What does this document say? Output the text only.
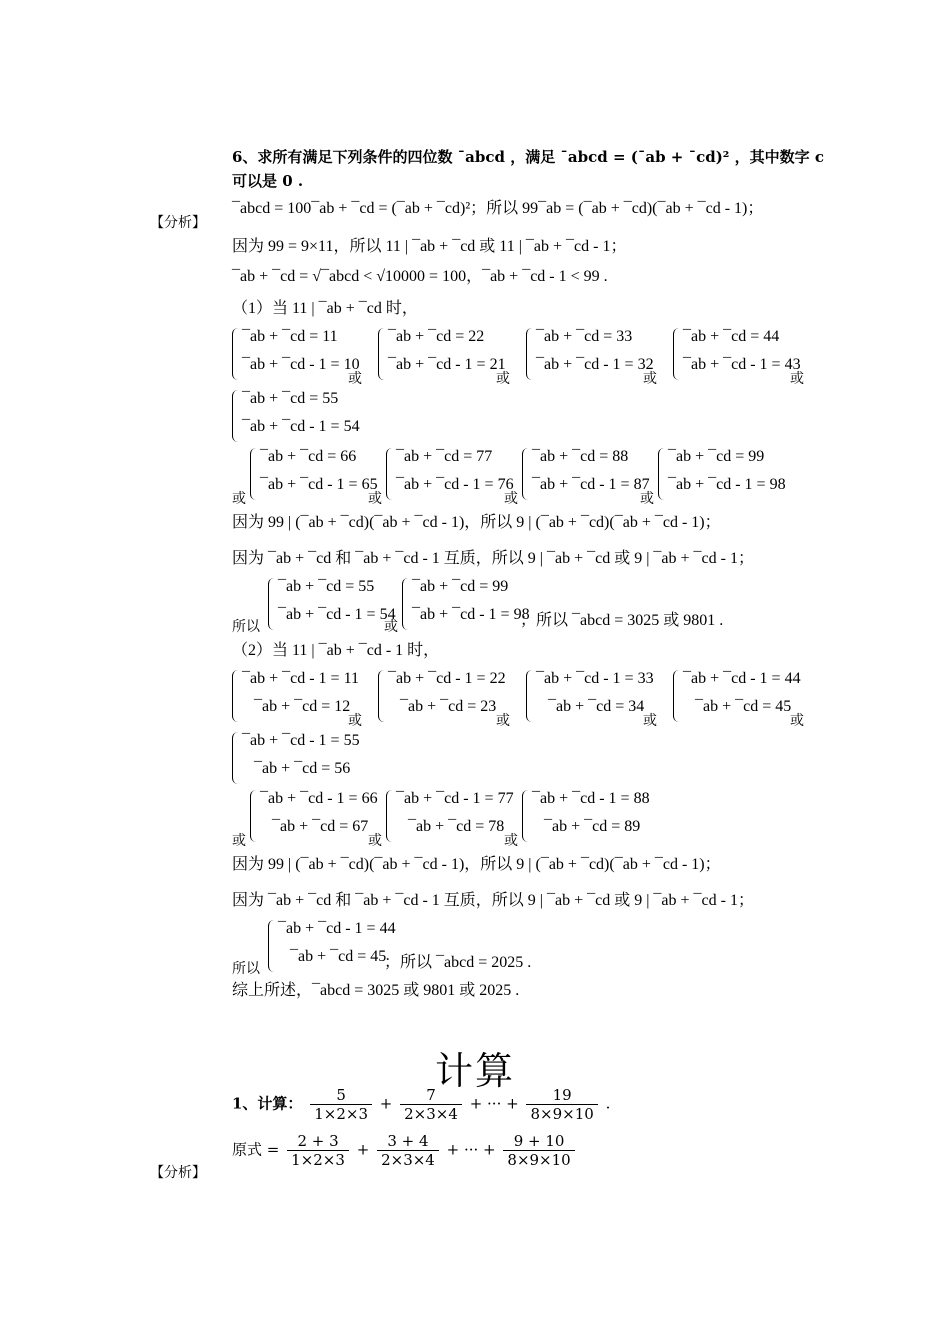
6、求所有满足下列条件的四位数 ¯abcd ，满足 ¯abcd = (¯ab + ¯cd)² ，其中数字 c
可以是 0 .
【分析】
¯abcd = 100¯ab + ¯cd = (¯ab + ¯cd)²；所以 99¯ab = (¯ab + ¯cd)(¯ab + ¯cd - 1)；
因为 99 = 9×11，所以 11 | ¯ab + ¯cd 或 11 | ¯ab + ¯cd - 1；
¯ab + ¯cd = √¯abcd < √10000 = 100，¯ab + ¯cd - 1 < 99 .
（1）当 11 | ¯ab + ¯cd 时，
¯ab + ¯cd = 11
¯ab + ¯cd - 1 = 10
或
¯ab + ¯cd = 22
¯ab + ¯cd - 1 = 21
或
¯ab + ¯cd = 33
¯ab + ¯cd - 1 = 32
或
¯ab + ¯cd = 44
¯ab + ¯cd - 1 = 43
或
¯ab + ¯cd = 55
¯ab + ¯cd - 1 = 54
或
¯ab + ¯cd = 66
¯ab + ¯cd - 1 = 65
或
¯ab + ¯cd = 77
¯ab + ¯cd - 1 = 76
或
¯ab + ¯cd = 88
¯ab + ¯cd - 1 = 87
或
¯ab + ¯cd = 99
¯ab + ¯cd - 1 = 98
因为 99 | (¯ab + ¯cd)(¯ab + ¯cd - 1)，所以 9 | (¯ab + ¯cd)(¯ab + ¯cd - 1)；
因为 ¯ab + ¯cd 和 ¯ab + ¯cd - 1 互质，所以 9 | ¯ab + ¯cd 或 9 | ¯ab + ¯cd - 1；
所以
¯ab + ¯cd = 55
¯ab + ¯cd - 1 = 54
或
¯ab + ¯cd = 99
¯ab + ¯cd - 1 = 98
；所以 ¯abcd = 3025 或 9801 .
（2）当 11 | ¯ab + ¯cd - 1 时，
¯ab + ¯cd - 1 = 11
¯ab + ¯cd = 12
或
¯ab + ¯cd - 1 = 22
¯ab + ¯cd = 23
或
¯ab + ¯cd - 1 = 33
¯ab + ¯cd = 34
或
¯ab + ¯cd - 1 = 44
¯ab + ¯cd = 45
或
¯ab + ¯cd - 1 = 55
¯ab + ¯cd = 56
或
¯ab + ¯cd - 1 = 66
¯ab + ¯cd = 67
或
¯ab + ¯cd - 1 = 77
¯ab + ¯cd = 78
或
¯ab + ¯cd - 1 = 88
¯ab + ¯cd = 89
因为 99 | (¯ab + ¯cd)(¯ab + ¯cd - 1)，所以 9 | (¯ab + ¯cd)(¯ab + ¯cd - 1)；
因为 ¯ab + ¯cd 和 ¯ab + ¯cd - 1 互质，所以 9 | ¯ab + ¯cd 或 9 | ¯ab + ¯cd - 1；
所以
¯ab + ¯cd - 1 = 44
¯ab + ¯cd = 45
；所以 ¯abcd = 2025 .
综上所述，¯abcd = 3025 或 9801 或 2025 .
计算
1、计算： $\frac{5}{1\times 2\times 3} + \frac{7}{2\times 3\times 4}$ + ··· + $\frac{19}{8\times 9\times 10}$ .
【分析】
原式 = $\frac{2 + 3}{1\times 2\times 3} + \frac{3 + 4}{2\times 3\times 4}$ + ··· + $\frac{9 + 10}{8\times 9\times 10}$
